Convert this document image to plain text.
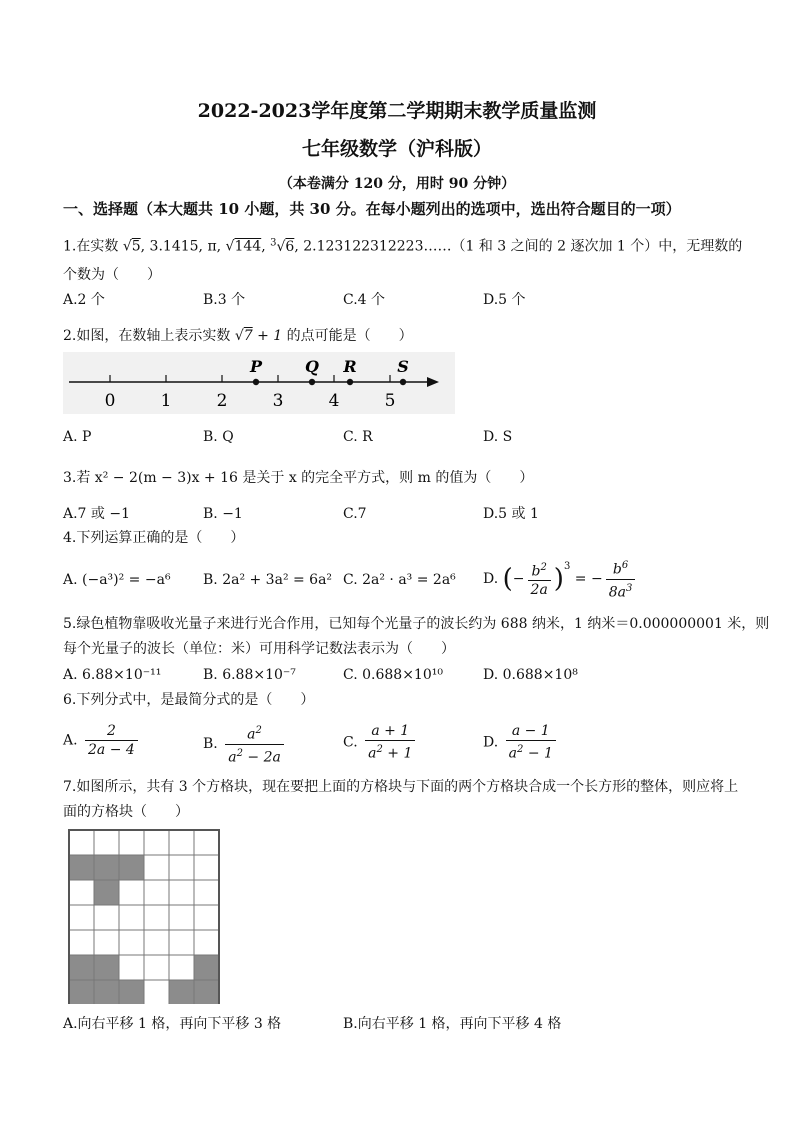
2022-2023学年度第二学期期末教学质量监测
七年级数学（沪科版）
（本卷满分 120 分，用时 90 分钟）
一、选择题（本大题共 10 小题，共 30 分。在每小题列出的选项中，选出符合题目的一项）
1.在实数 √5, 3.1415, π, √144, $^3$√6, 2.123122312223……（1 和 3 之间的 2 逐次加 1 个）中，无理数的
个数为（　　）
A.2 个	B.3 个	C.4 个	D.5 个
2.如图，在数轴上表示实数 √7 + 1 的点可能是（　　）
0	1	2	3	4	5
P	Q R	S
A. P	B. Q	C. R	D. S
3.若 x² − 2(m − 3)x + 16 是关于 x 的完全平方式，则 m 的值为（　　）
A.7 或 −1	B. −1	C.7	D.5 或 1
4.下列运算正确的是（　　）
A. (−a³)² = −a⁶ B. 2a² + 3a² = 6a² C. 2a² · a³ = 2a⁶ D. (− $\frac{b^2}{2a} )^3$ = − $\frac{b^6}{8a^3}$
5.绿色植物靠吸收光量子来进行光合作用，已知每个光量子的波长约为 688 纳米，1 纳米＝0.000000001 米，则
每个光量子的波长（单位：米）可用科学记数法表示为（　　）
A. 6.88×10⁻¹¹	B. 6.88×10⁻⁷	C. 0.688×10¹⁰	D. 0.688×10⁸
6.下列分式中，是最简分式的是（　　）
A. $\frac{2}{2a - 4}$	B. $\frac{a^2}{a^2 - 2a}$	C. $\frac{a + 1}{a^2 + 1}$	D. $\frac{a - 1}{a^2 - 1}$
7.如图所示，共有 3 个方格块，现在要把上面的方格块与下面的两个方格块合成一个长方形的整体，则应将上
面的方格块（　　）
A.向右平移 1 格，再向下平移 3 格	B.向右平移 1 格，再向下平移 4 格
